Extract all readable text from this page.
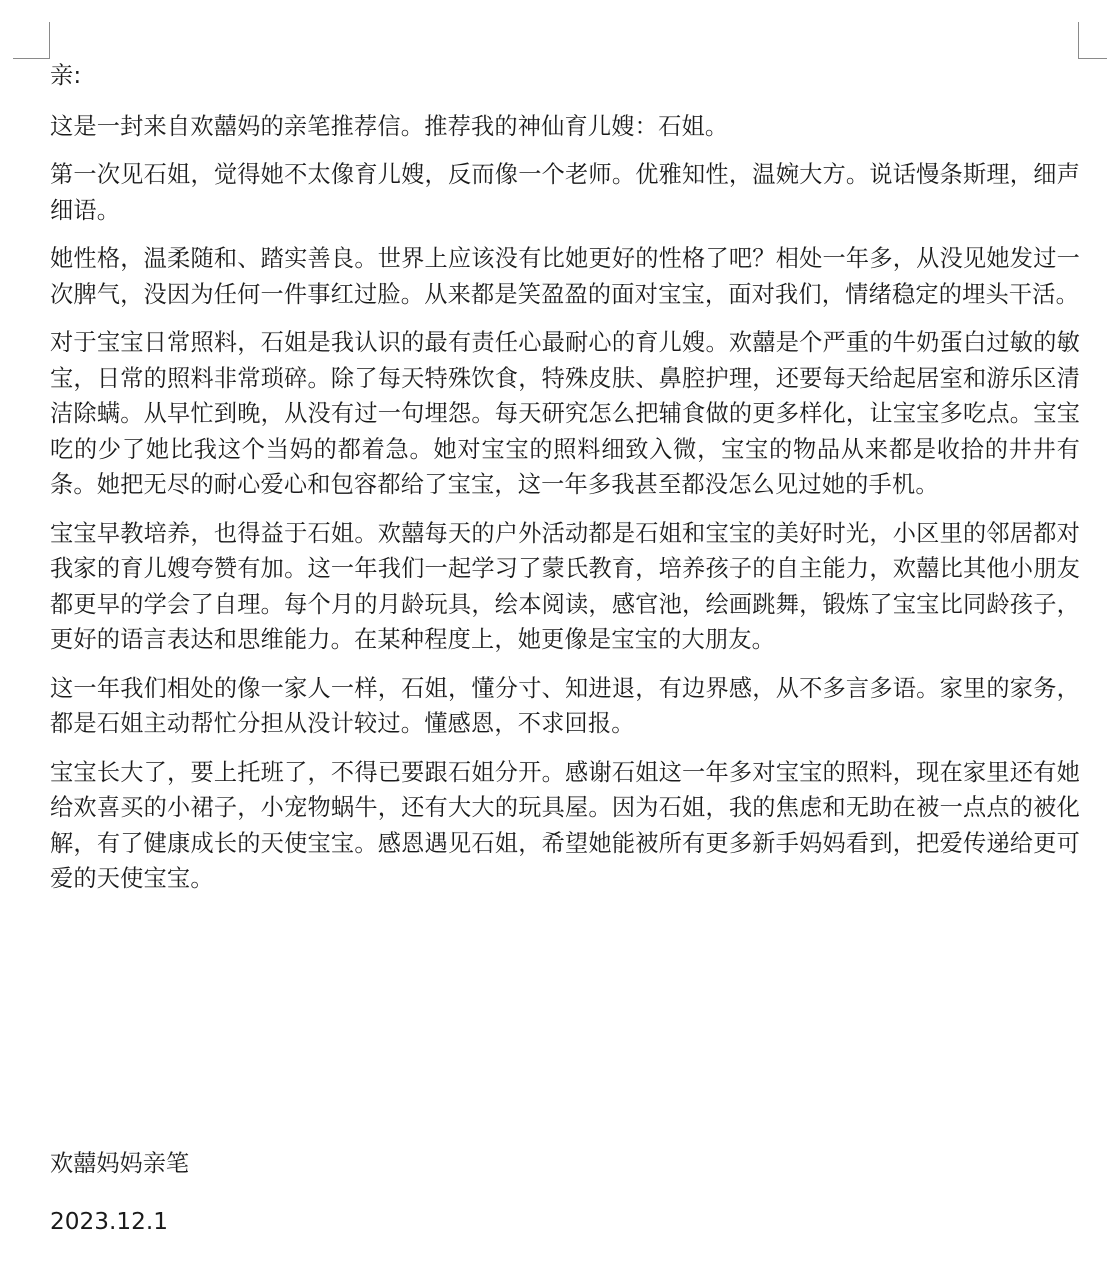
亲:

这是一封来自欢囍妈的亲笔推荐信。推荐我的神仙育儿嫂：石姐。

第一次见石姐，觉得她不太像育儿嫂，反而像一个老师。优雅知性，温婉大方。说话慢条斯理，细声细语。

她性格，温柔随和、踏实善良。世界上应该没有比她更好的性格了吧？相处一年多，从没见她发过一次脾气，没因为任何一件事红过脸。从来都是笑盈盈的面对宝宝，面对我们，情绪稳定的埋头干活。

对于宝宝日常照料，石姐是我认识的最有责任心最耐心的育儿嫂。欢囍是个严重的牛奶蛋白过敏的敏宝，日常的照料非常琐碎。除了每天特殊饮食，特殊皮肤、鼻腔护理，还要每天给起居室和游乐区清洁除螨。从早忙到晚，从没有过一句埋怨。每天研究怎么把辅食做的更多样化，让宝宝多吃点。宝宝吃的少了她比我这个当妈的都着急。她对宝宝的照料细致入微，宝宝的物品从来都是收拾的井井有条。她把无尽的耐心爱心和包容都给了宝宝，这一年多我甚至都没怎么见过她的手机。

宝宝早教培养，也得益于石姐。欢囍每天的户外活动都是石姐和宝宝的美好时光，小区里的邻居都对我家的育儿嫂夸赞有加。这一年我们一起学习了蒙氏教育，培养孩子的自主能力，欢囍比其他小朋友都更早的学会了自理。每个月的月龄玩具，绘本阅读，感官池，绘画跳舞，锻炼了宝宝比同龄孩子，更好的语言表达和思维能力。在某种程度上，她更像是宝宝的大朋友。

这一年我们相处的像一家人一样，石姐，懂分寸、知进退，有边界感，从不多言多语。家里的家务，都是石姐主动帮忙分担从没计较过。懂感恩，不求回报。

宝宝长大了，要上托班了，不得已要跟石姐分开。感谢石姐这一年多对宝宝的照料，现在家里还有她给欢喜买的小裙子，小宠物蜗牛，还有大大的玩具屋。因为石姐，我的焦虑和无助在被一点点的被化解，有了健康成长的天使宝宝。感恩遇见石姐，希望她能被所有更多新手妈妈看到，把爱传递给更可爱的天使宝宝。

欢囍妈妈亲笔
2023.12.1
